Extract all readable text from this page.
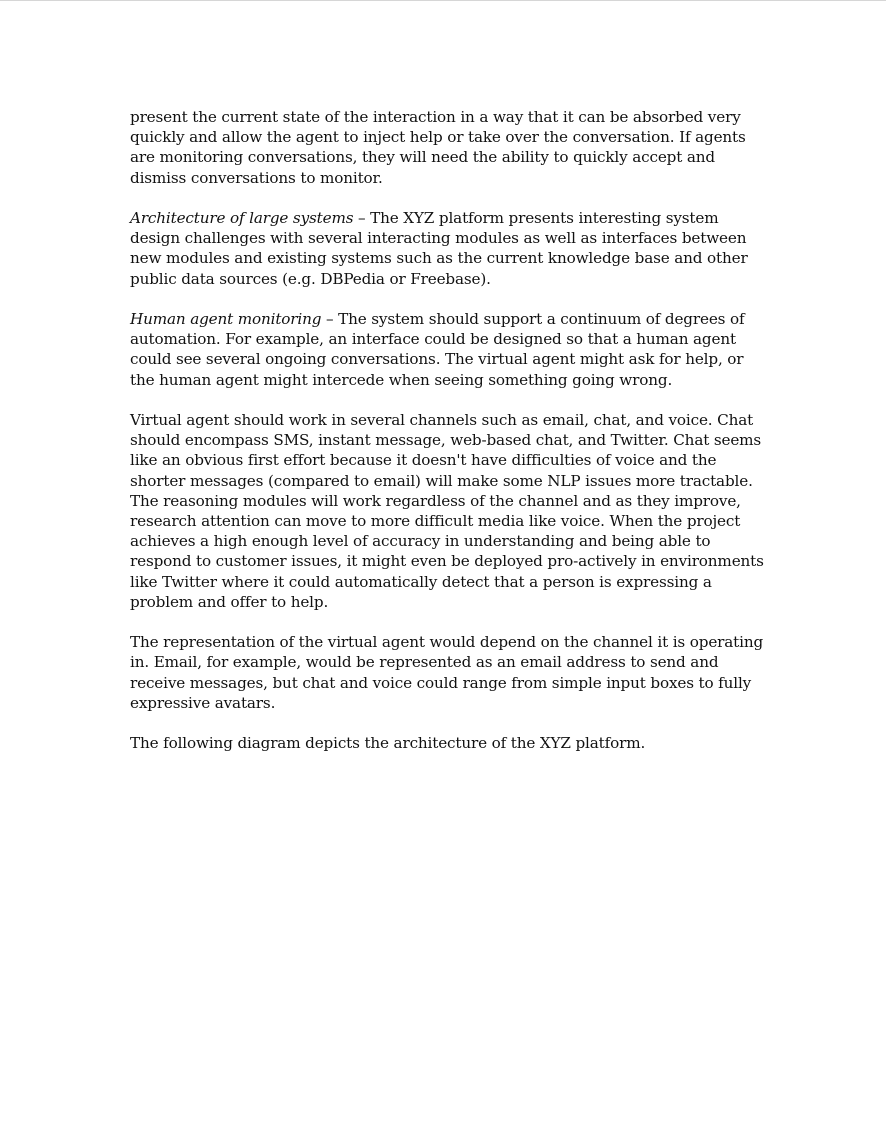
present the current state of the interaction in a way that it can be absorbed very quickly and allow the agent to inject help or take over the conversation. If agents are monitoring conversations, they will need the ability to quickly accept and dismiss conversations to monitor.

Architecture of large systems – The XYZ platform presents interesting system design challenges with several interacting modules as well as interfaces between new modules and existing systems such as the current knowledge base and other public data sources (e.g. DBPedia or Freebase).

Human agent monitoring – The system should support a continuum of degrees of automation. For example, an interface could be designed so that a human agent could see several ongoing conversations. The virtual agent might ask for help, or the human agent might intercede when seeing something going wrong.

Virtual agent should work in several channels such as email, chat, and voice. Chat should encompass SMS, instant message, web-based chat, and Twitter. Chat seems like an obvious first effort because it doesn't have difficulties of voice and the shorter messages (compared to email) will make some NLP issues more tractable. The reasoning modules will work regardless of the channel and as they improve, research attention can move to more difficult media like voice. When the project achieves a high enough level of accuracy in understanding and being able to respond to customer issues, it might even be deployed pro-actively in environments like Twitter where it could automatically detect that a person is expressing a problem and offer to help.

The representation of the virtual agent would depend on the channel it is operating in. Email, for example, would be represented as an email address to send and receive messages, but chat and voice could range from simple input boxes to fully expressive avatars.

The following diagram depicts the architecture of the XYZ platform.
